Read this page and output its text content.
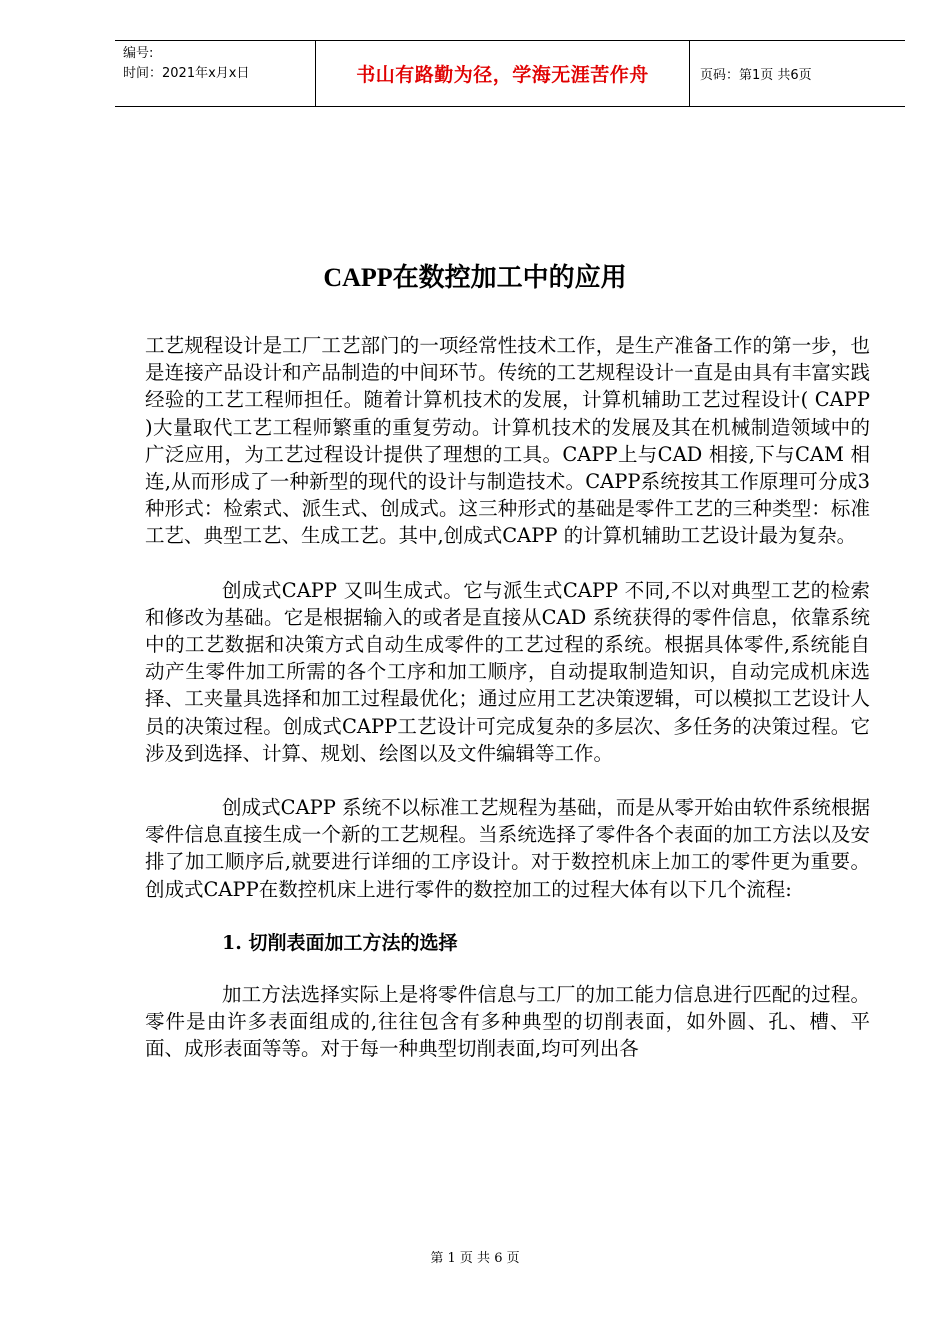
编号:
时间：2021年x月x日	书山有路勤为径，学海无涯苦作舟	页码：第1页 共6页
CAPP在数控加工中的应用

工艺规程设计是工厂工艺部门的一项经常性技术工作，是生产准备工作的第一步，也是连接产品设计和产品制造的中间环节。传统的工艺规程设计一直是由具有丰富实践经验的工艺工程师担任。随着计算机技术的发展，计算机辅助工艺过程设计( CAPP )大量取代工艺工程师繁重的重复劳动。计算机技术的发展及其在机械制造领域中的广泛应用，为工艺过程设计提供了理想的工具。CAPP上与CAD 相接,下与CAM 相连,从而形成了一种新型的现代的设计与制造技术。CAPP系统按其工作原理可分成3 种形式：检索式、派生式、创成式。这三种形式的基础是零件工艺的三种类型：标准工艺、典型工艺、生成工艺。其中,创成式CAPP 的计算机辅助工艺设计最为复杂。

创成式CAPP 又叫生成式。它与派生式CAPP 不同,不以对典型工艺的检索和修改为基础。它是根据输入的或者是直接从CAD 系统获得的零件信息，依靠系统中的工艺数据和决策方式自动生成零件的工艺过程的系统。根据具体零件,系统能自动产生零件加工所需的各个工序和加工顺序，自动提取制造知识，自动完成机床选择、工夹量具选择和加工过程最优化；通过应用工艺决策逻辑，可以模拟工艺设计人员的决策过程。创成式CAPP工艺设计可完成复杂的多层次、多任务的决策过程。它涉及到选择、计算、规划、绘图以及文件编辑等工作。

创成式CAPP 系统不以标准工艺规程为基础，而是从零开始由软件系统根据零件信息直接生成一个新的工艺规程。当系统选择了零件各个表面的加工方法以及安排了加工顺序后,就要进行详细的工序设计。对于数控机床上加工的零件更为重要。创成式CAPP在数控机床上进行零件的数控加工的过程大体有以下几个流程:

1. 切削表面加工方法的选择

加工方法选择实际上是将零件信息与工厂的加工能力信息进行匹配的过程。零件是由许多表面组成的,往往包含有多种典型的切削表面，如外圆、孔、槽、平面、成形表面等等。对于每一种典型切削表面,均可列出各

第 1 页 共 6 页
